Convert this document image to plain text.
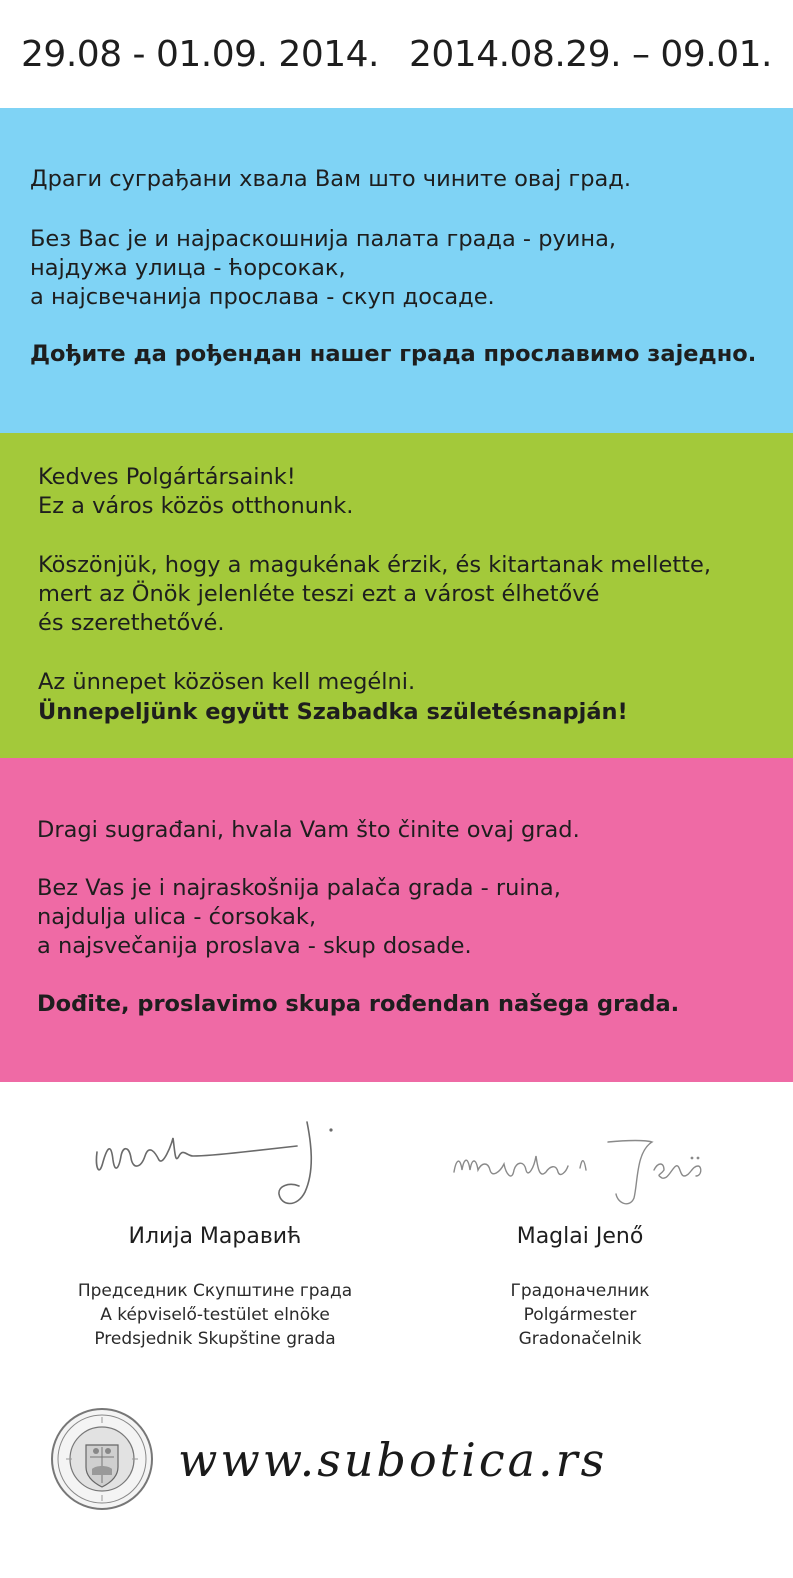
29.08 - 01.09. 2014. 2014.08.29. – 09.01.

Драги суграђани хвала Вам што чините овај град.

Без Вас је и најраскошнија палата града - руина,
најдужа улица - ћорсокак,
а најсвечанија прослава - скуп досаде.

Дођите да рођендан нашег града прославимо заједно.

Kedves Polgártársaink!
Ez a város közös otthonunk.

Köszönjük, hogy a magukénak érzik, és kitartanak mellette,
mert az Önök jelenléte teszi ezt a várost élhetővé
és szerethetővé.

Az ünnepet közösen kell megélni.

Ünnepeljünk együtt Szabadka születésnapján!

Dragi sugrađani, hvala Vam što činite ovaj grad.

Bez Vas je i najraskošnija palača grada - ruina,
najdulja ulica - ćorsokak,
a najsvečanija proslava - skup dosade.

Dođite, proslavimo skupa rođendan našega grada.

Илија Маравић
Председник Скупштине града
A képviselő-testület elnöke
Predsjednik Skupštine grada
Maglai Jenő
Градоначелник
Polgármester
Gradonačelnik
www.subotica.rs
